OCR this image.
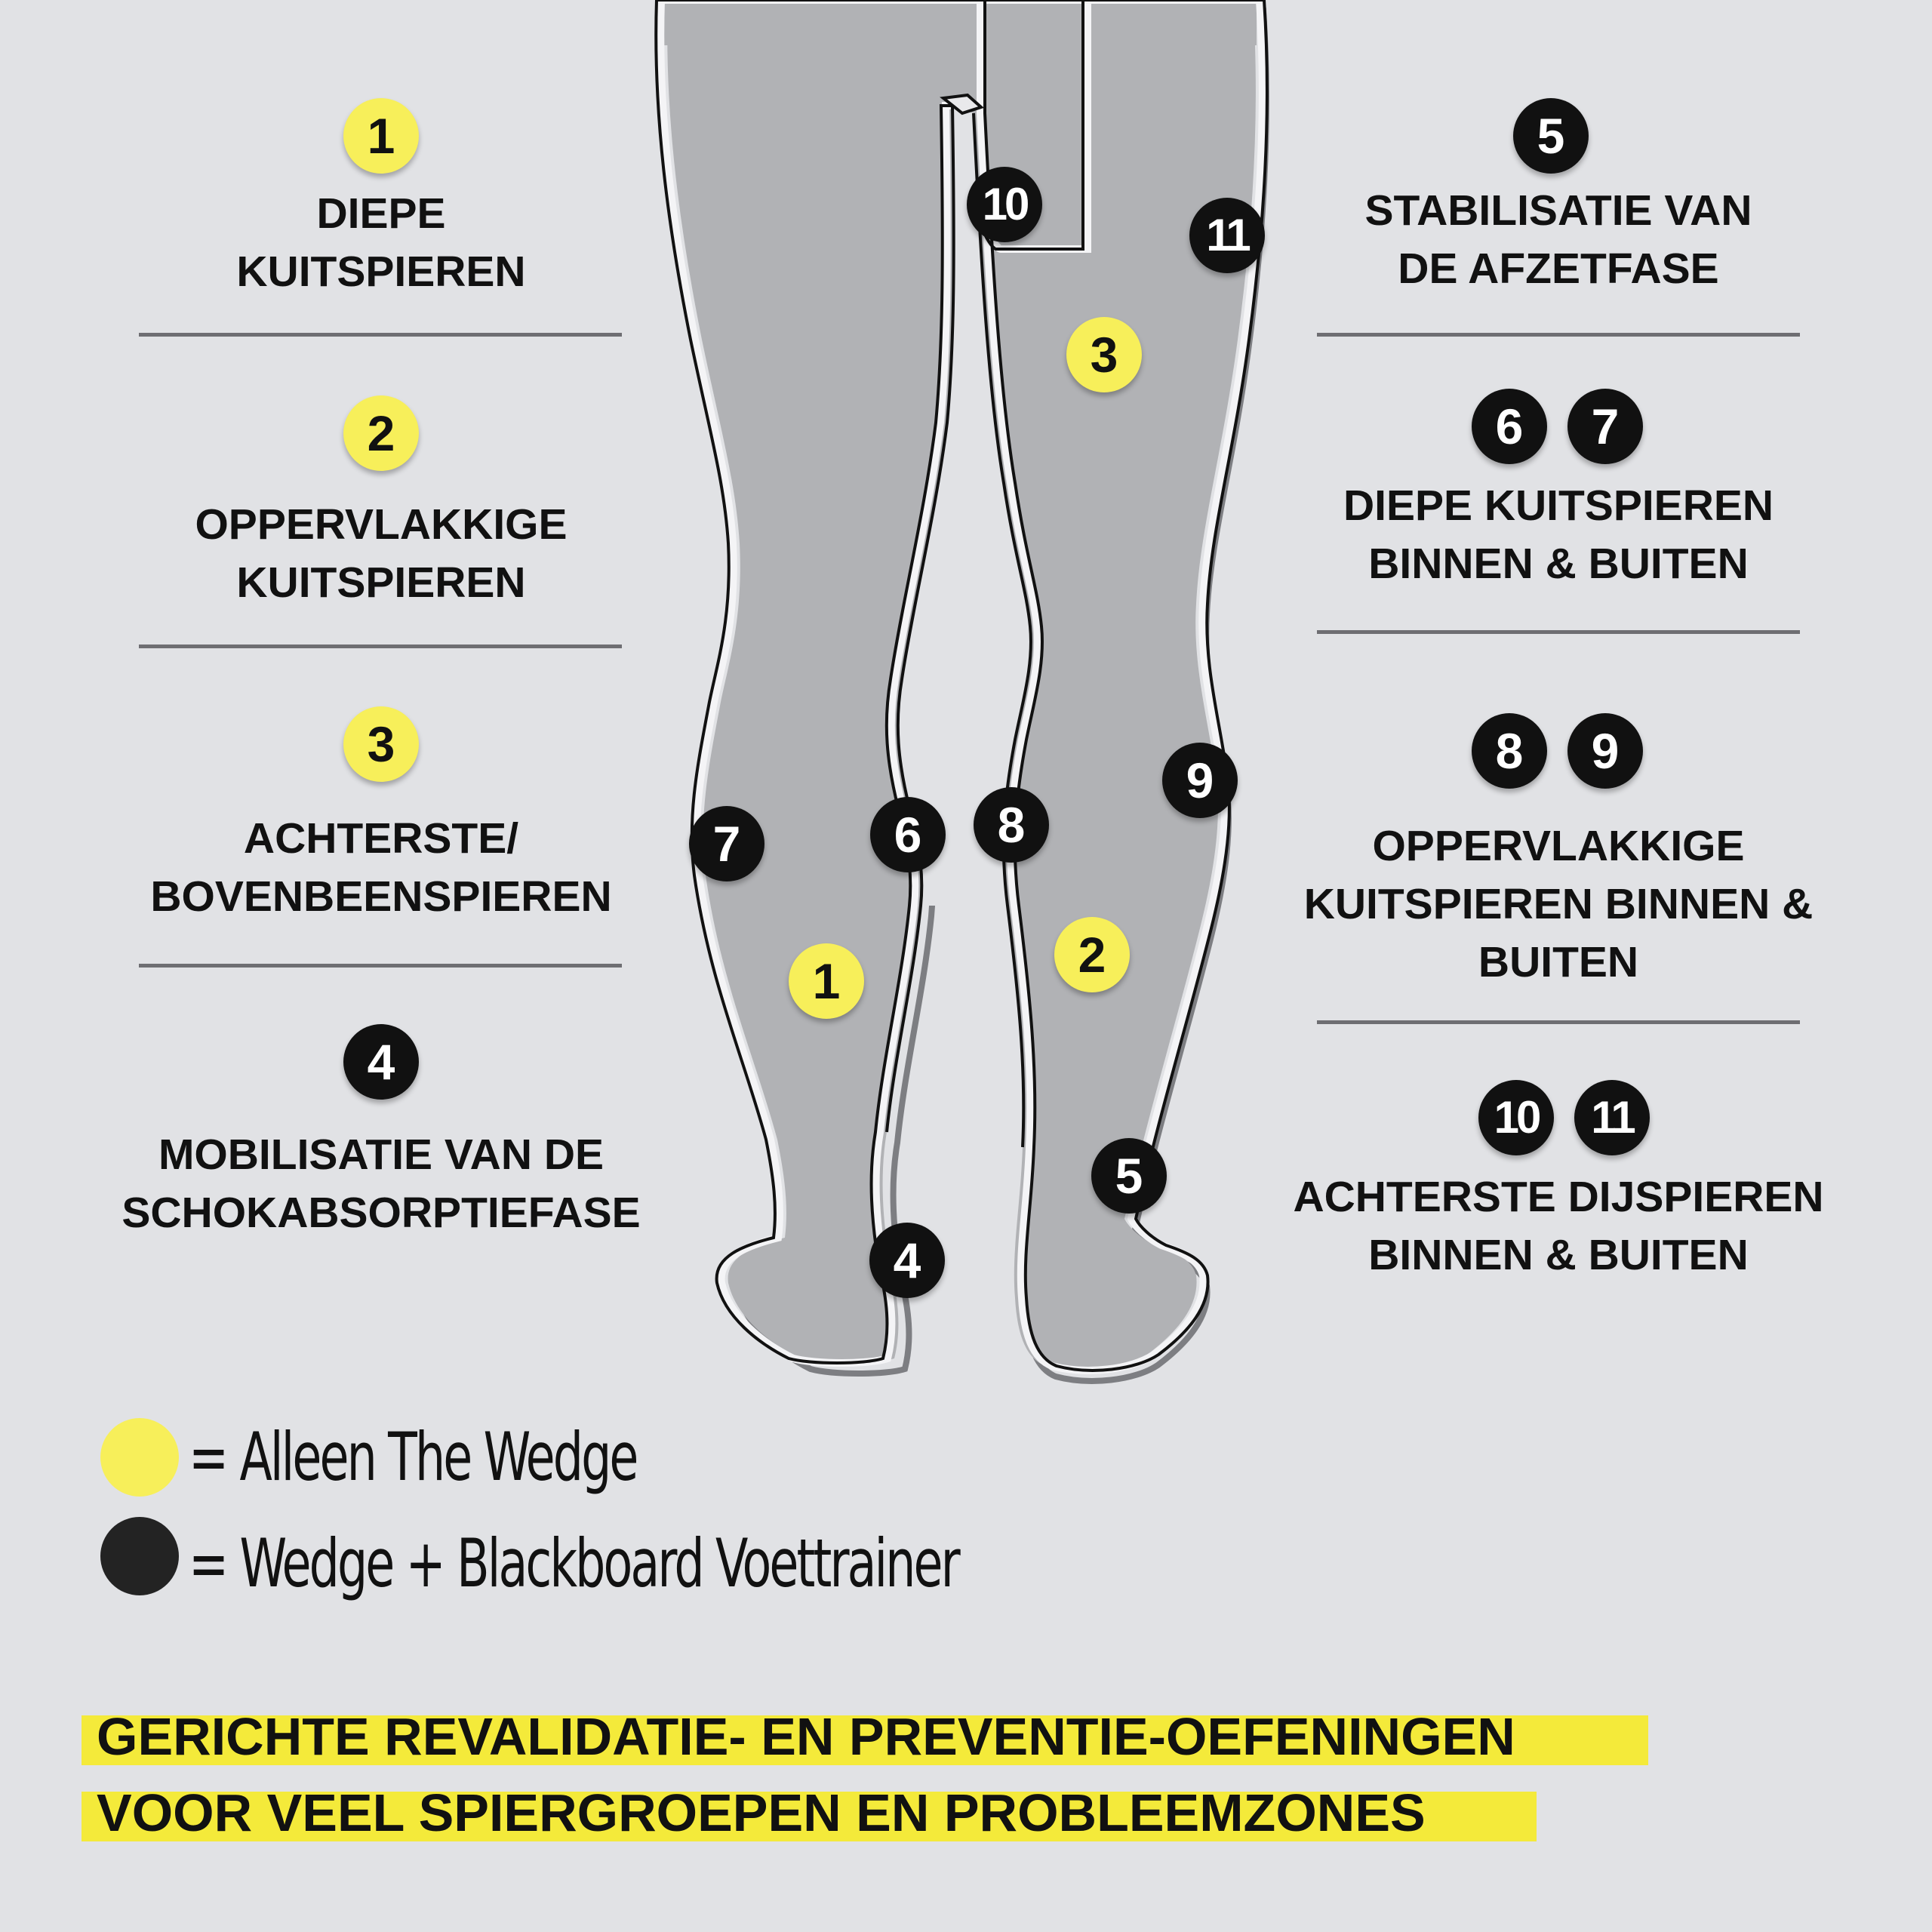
10
11
3
9
7	6	8
2
1
5
4
1
DIEPE
KUITSPIEREN
2
OPPERVLAKKIGE
KUITSPIEREN
3
ACHTERSTE/
BOVENBEENSPIEREN
4
MOBILISATIE VAN DE
SCHOKABSORPTIEFASE
5
STABILISATIE VAN
DE AFZETFASE
6	7
DIEPE KUITSPIEREN
BINNEN & BUITEN
8	9
OPPERVLAKKIGE
KUITSPIEREN BINNEN &
BUITEN
10	11
ACHTERSTE DIJSPIEREN
BINNEN & BUITEN
= Alleen The Wedge
= Wedge + Blackboard Voettrainer
GERICHTE REVALIDATIE- EN PREVENTIE-OEFENINGEN
VOOR VEEL SPIERGROEPEN EN PROBLEEMZONES
